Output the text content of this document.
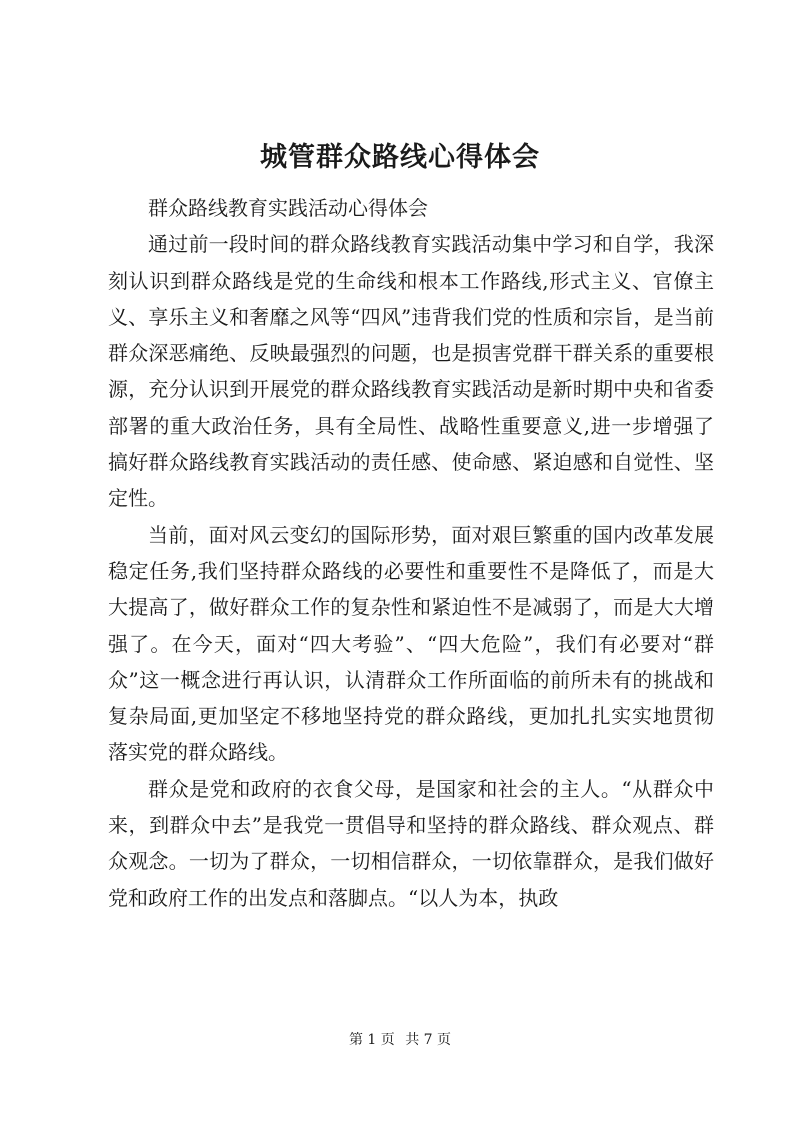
城管群众路线心得体会

群众路线教育实践活动心得体会

通过前一段时间的群众路线教育实践活动集中学习和自学，我深刻认识到群众路线是党的生命线和根本工作路线,形式主义、官僚主义、享乐主义和奢靡之风等“四风”违背我们党的性质和宗旨，是当前群众深恶痛绝、反映最强烈的问题，也是损害党群干群关系的重要根源，充分认识到开展党的群众路线教育实践活动是新时期中央和省委部署的重大政治任务，具有全局性、战略性重要意义,进一步增强了搞好群众路线教育实践活动的责任感、使命感、紧迫感和自觉性、坚定性。

当前，面对风云变幻的国际形势，面对艰巨繁重的国内改革发展稳定任务,我们坚持群众路线的必要性和重要性不是降低了，而是大大提高了，做好群众工作的复杂性和紧迫性不是减弱了，而是大大增强了。在今天，面对“四大考验”、“四大危险”，我们有必要对“群众”这一概念进行再认识，认清群众工作所面临的前所未有的挑战和复杂局面,更加坚定不移地坚持党的群众路线，更加扎扎实实地贯彻落实党的群众路线。

群众是党和政府的衣食父母，是国家和社会的主人。“从群众中来，到群众中去”是我党一贯倡导和坚持的群众路线、群众观点、群众观念。一切为了群众，一切相信群众，一切依靠群众，是我们做好党和政府工作的出发点和落脚点。“以人为本，执政

第 1 页 共 7 页
